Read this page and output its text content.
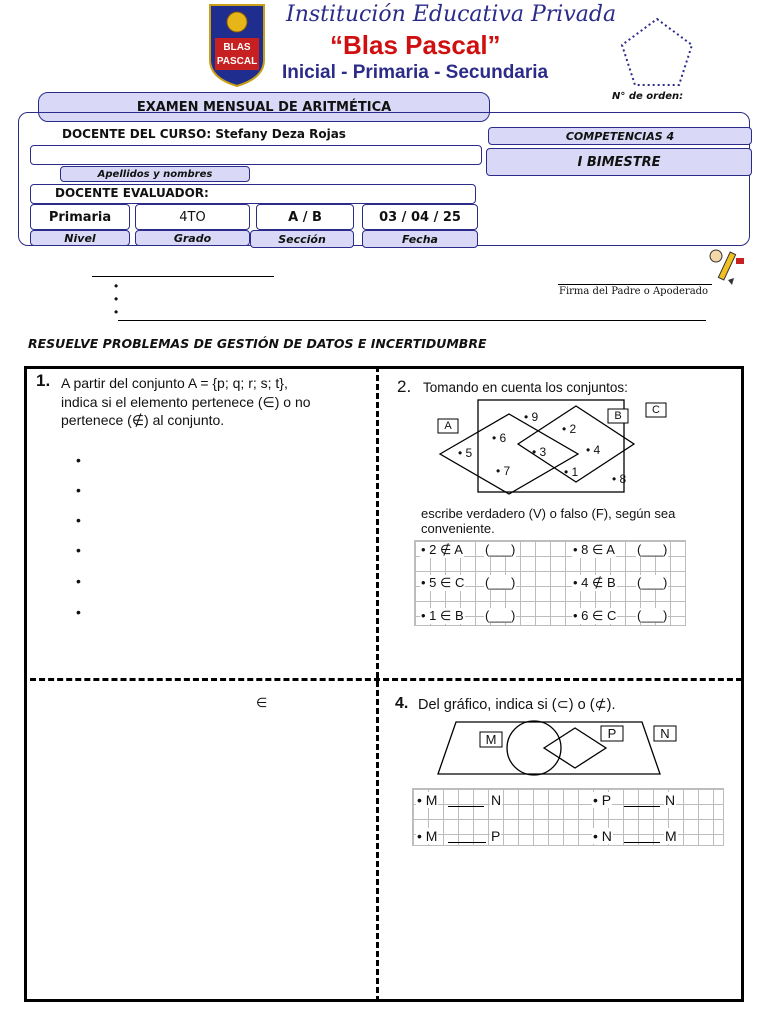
BLAS
PASCAL
Institución Educativa Privada
“Blas Pascal”
Inicial - Primaria - Secundaria
N° de orden:
EXAMEN MENSUAL DE ARITMÉTICA
DOCENTE DEL CURSO: Stefany Deza Rojas	COMPETENCIAS 4
I BIMESTRE
Apellidos y nombres
DOCENTE EVALUADOR:
Primaria	4TO	A / B	03 / 04 / 25
Nivel	Grado	Sección	Fecha
•
•
•
Firma del Padre o Apoderado
RESUELVE PROBLEMAS DE GESTIÓN DE DATOS E INCERTIDUMBRE
1. A partir del conjunto A = {p; q; r; s; t},
indica si el elemento pertenece (∈) o no
pertenece (∉) al conjunto.
•
•
•
•
•
•
2. Tomando en cuenta los conjuntos:
A
B	C
• 9
• 6
• 2
• 5	• 3	• 4
• 7	• 1	• 8
escribe verdadero (V) o falso (F), según sea
conveniente.
• 2 ∉ A (___)	• 8 ∈ A (___)
• 5 ∈ C (___)	• 4 ∉ B (___)
• 1 ∈ B (___)	• 6 ∈ C (___)
∈	4. Del gráfico, indica si (⊂) o (⊄).
M	P	N
• M	N	• P	N
• M	P	• N	M
